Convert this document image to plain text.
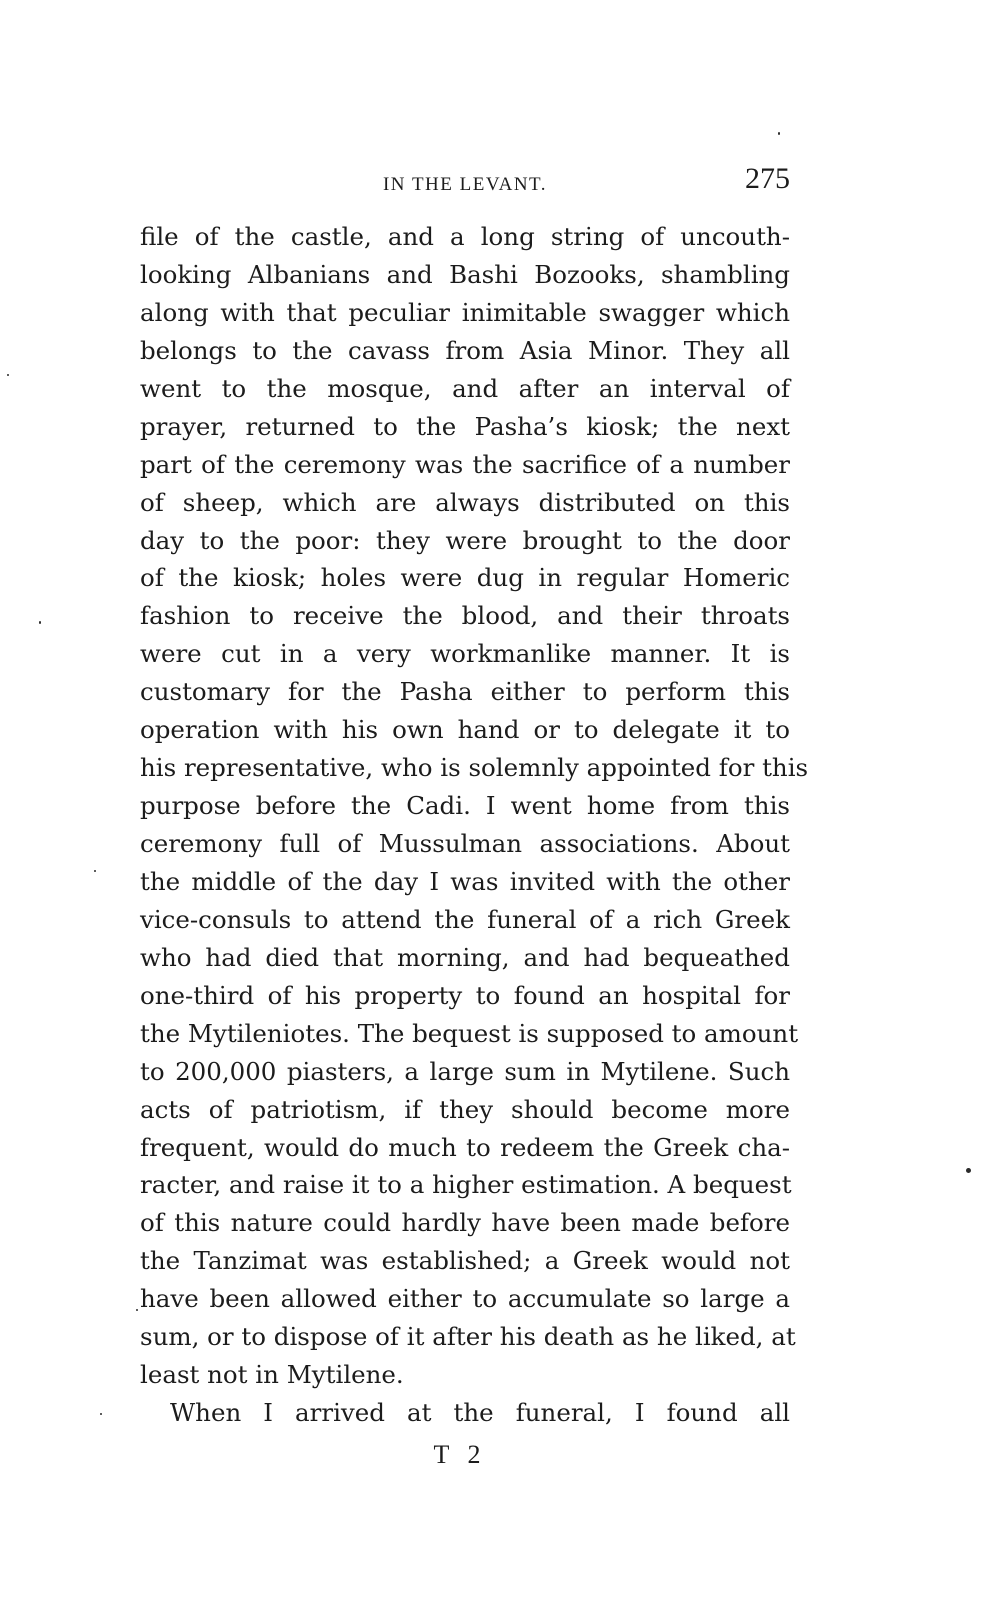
IN THE LEVANT.	275
file of the castle, and a long string of uncouth-
looking Albanians and Bashi Bozooks, shambling
along with that peculiar inimitable swagger which
belongs to the cavass from Asia Minor. They all
went to the mosque, and after an interval of
prayer, returned to the Pasha’s kiosk; the next
part of the ceremony was the sacrifice of a number
of sheep, which are always distributed on this
day to the poor: they were brought to the door
of the kiosk; holes were dug in regular Homeric
fashion to receive the blood, and their throats
were cut in a very workmanlike manner. It is
customary for the Pasha either to perform this
operation with his own hand or to delegate it to
his representative, who is solemnly appointed for this
purpose before the Cadi. I went home from this
ceremony full of Mussulman associations. About
the middle of the day I was invited with the other
vice-consuls to attend the funeral of a rich Greek
who had died that morning, and had bequeathed
one-third of his property to found an hospital for
the Mytileniotes. The bequest is supposed to amount
to 200,000 piasters, a large sum in Mytilene. Such
acts of patriotism, if they should become more
frequent, would do much to redeem the Greek cha-
racter, and raise it to a higher estimation. A bequest
of this nature could hardly have been made before
the Tanzimat was established; a Greek would not
have been allowed either to accumulate so large a
sum, or to dispose of it after his death as he liked, at
least not in Mytilene.
When I arrived at the funeral, I found all
T 2
